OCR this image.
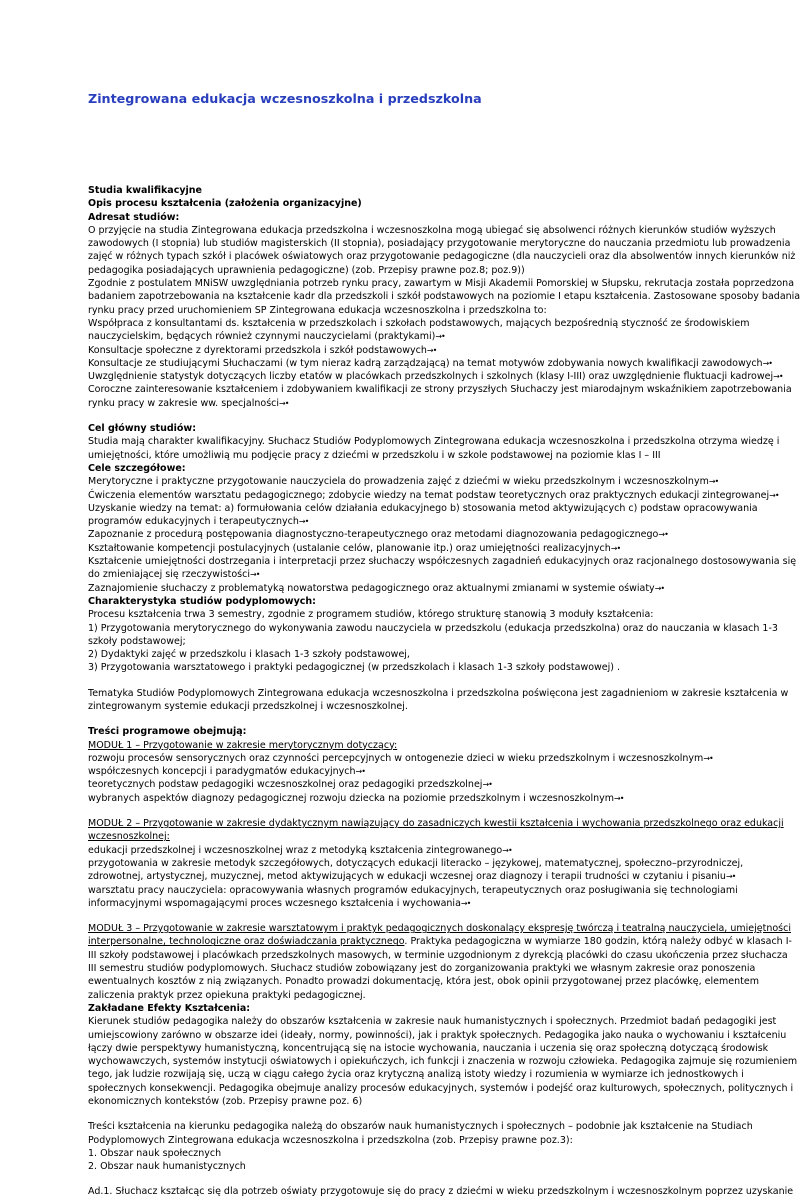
Zintegrowana edukacja wczesnoszkolna i przedszkolna
Studia kwalifikacyjne
Opis procesu kształcenia (założenia organizacyjne)
Adresat studiów:
O przyjęcie na studia Zintegrowana edukacja przedszkolna i wczesnoszkolna mogą ubiegać się absolwenci różnych kierunków studiów wyższych
zawodowych (I stopnia) lub studiów magisterskich (II stopnia), posiadający przygotowanie merytoryczne do nauczania przedmiotu lub prowadzenia
zajęć w różnych typach szkół i placówek oświatowych oraz przygotowanie pedagogiczne (dla nauczycieli oraz dla absolwentów innych kierunków niż
pedagogika posiadających uprawnienia pedagogiczne) (zob. Przepisy prawne poz.8; poz.9))
Zgodnie z postulatem MNiSW uwzględniania potrzeb rynku pracy, zawartym w Misji Akademii Pomorskiej w Słupsku, rekrutacja została poprzedzona
badaniem zapotrzebowania na kształcenie kadr dla przedszkoli i szkół podstawowych na poziomie I etapu kształcenia. Zastosowane sposoby badania
rynku pracy przed uruchomieniem SP Zintegrowana edukacja wczesnoszkolna i przedszkolna to:
Współpraca z konsultantami ds. kształcenia w przedszkolach i szkołach podstawowych, mających bezpośrednią styczność ze środowiskiem
nauczycielskim, będących również czynnymi nauczycielami (praktykami)→•
Konsultacje społeczne z dyrektorami przedszkola i szkół podstawowych→•
Konsultacje ze studiującymi Słuchaczami (w tym nieraz kadrą zarządzającą) na temat motywów zdobywania nowych kwalifikacji zawodowych→•
Uwzględnienie statystyk dotyczących liczby etatów w placówkach przedszkolnych i szkolnych (klasy I-III) oraz uwzględnienie fluktuacji kadrowej→•
Coroczne zainteresowanie kształceniem i zdobywaniem kwalifikacji ze strony przyszłych Słuchaczy jest miarodajnym wskaźnikiem zapotrzebowania
rynku pracy w zakresie ww. specjalności→•
Cel główny studiów:
Studia mają charakter kwalifikacyjny. Słuchacz Studiów Podyplomowych Zintegrowana edukacja wczesnoszkolna i przedszkolna otrzyma wiedzę i
umiejętności, które umożliwią mu podjęcie pracy z dziećmi w przedszkolu i w szkole podstawowej na poziomie klas I – III
Cele szczegółowe:
Merytoryczne i praktyczne przygotowanie nauczyciela do prowadzenia zajęć z dziećmi w wieku przedszkolnym i wczesnoszkolnym→•
Ćwiczenia elementów warsztatu pedagogicznego; zdobycie wiedzy na temat podstaw teoretycznych oraz praktycznych edukacji zintegrowanej→•
Uzyskanie wiedzy na temat: a) formułowania celów działania edukacyjnego b) stosowania metod aktywizujących c) podstaw opracowywania
programów edukacyjnych i terapeutycznych→•
Zapoznanie z procedurą postępowania diagnostyczno-terapeutycznego oraz metodami diagnozowania pedagogicznego→•
Kształtowanie kompetencji postulacyjnych (ustalanie celów, planowanie itp.) oraz umiejętności realizacyjnych→•
Kształcenie umiejętności dostrzegania i interpretacji przez słuchaczy współczesnych zagadnień edukacyjnych oraz racjonalnego dostosowywania się
do zmieniającej się rzeczywistości→•
Zaznajomienie słuchaczy z problematyką nowatorstwa pedagogicznego oraz aktualnymi zmianami w systemie oświaty→•
Charakterystyka studiów podyplomowych:
Procesu kształcenia trwa 3 semestry, zgodnie z programem studiów, którego strukturę stanowią 3 moduły kształcenia:
1) Przygotowania merytorycznego do wykonywania zawodu nauczyciela w przedszkolu (edukacja przedszkolna) oraz do nauczania w klasach 1-3
szkoły podstawowej;
2) Dydaktyki zajęć w przedszkolu i klasach 1-3 szkoły podstawowej,
3) Przygotowania warsztatowego i praktyki pedagogicznej (w przedszkolach i klasach 1-3 szkoły podstawowej) .
Tematyka Studiów Podyplomowych Zintegrowana edukacja wczesnoszkolna i przedszkolna poświęcona jest zagadnieniom w zakresie kształcenia w
zintegrowanym systemie edukacji przedszkolnej i wczesnoszkolnej.
Treści programowe obejmują:
MODUŁ 1 – Przygotowanie w zakresie merytorycznym dotyczący:
rozwoju procesów sensorycznych oraz czynności percepcyjnych w ontogenezie dzieci w wieku przedszkolnym i wczesnoszkolnym→•
współczesnych koncepcji i paradygmatów edukacyjnych→•
teoretycznych podstaw pedagogiki wczesnoszkolnej oraz pedagogiki przedszkolnej→•
wybranych aspektów diagnozy pedagogicznej rozwoju dziecka na poziomie przedszkolnym i wczesnoszkolnym→•
MODUŁ 2 – Przygotowanie w zakresie dydaktycznym nawiązujący do zasadniczych kwestii kształcenia i wychowania przedszkolnego oraz edukacji
wczesnoszkolnej:
edukacji przedszkolnej i wczesnoszkolnej wraz z metodyką kształcenia zintegrowanego→•
przygotowania w zakresie metodyk szczegółowych, dotyczących edukacji literacko – językowej, matematycznej, społeczno–przyrodniczej,
zdrowotnej, artystycznej, muzycznej, metod aktywizujących w edukacji wczesnej oraz diagnozy i terapii trudności w czytaniu i pisaniu→•
warsztatu pracy nauczyciela: opracowywania własnych programów edukacyjnych, terapeutycznych oraz posługiwania się technologiami
informacyjnymi wspomagającymi proces wczesnego kształcenia i wychowania→•
MODUŁ 3 – Przygotowanie w zakresie warsztatowym i praktyk pedagogicznych doskonalący ekspresję twórczą i teatralną nauczyciela, umiejętności
interpersonalne, technologiczne oraz doświadczania praktycznego. Praktyka pedagogiczna w wymiarze 180 godzin, którą należy odbyć w klasach I-
III szkoły podstawowej i placówkach przedszkolnych masowych, w terminie uzgodnionym z dyrekcją placówki do czasu ukończenia przez słuchacza
III semestru studiów podyplomowych. Słuchacz studiów zobowiązany jest do zorganizowania praktyki we własnym zakresie oraz ponoszenia
ewentualnych kosztów z nią związanych. Ponadto prowadzi dokumentację, która jest, obok opinii przygotowanej przez placówkę, elementem
zaliczenia praktyk przez opiekuna praktyki pedagogicznej.
Zakładane Efekty Kształcenia:
Kierunek studiów pedagogika należy do obszarów kształcenia w zakresie nauk humanistycznych i społecznych. Przedmiot badań pedagogiki jest
umiejscowiony zarówno w obszarze idei (ideały, normy, powinności), jak i praktyk społecznych. Pedagogika jako nauka o wychowaniu i kształceniu
łączy dwie perspektywy humanistyczną, koncentrującą się na istocie wychowania, nauczania i uczenia się oraz społeczną dotyczącą środowisk
wychowawczych, systemów instytucji oświatowych i opiekuńczych, ich funkcji i znaczenia w rozwoju człowieka. Pedagogika zajmuje się rozumieniem
tego, jak ludzie rozwijają się, uczą w ciągu całego życia oraz krytyczną analizą istoty wiedzy i rozumienia w wymiarze ich jednostkowych i
społecznych konsekwencji. Pedagogika obejmuje analizy procesów edukacyjnych, systemów i podejść oraz kulturowych, społecznych, politycznych i
ekonomicznych kontekstów (zob. Przepisy prawne poz. 6)
Treści kształcenia na kierunku pedagogika należą do obszarów nauk humanistycznych i społecznych – podobnie jak kształcenie na Studiach
Podyplomowych Zintegrowana edukacja wczesnoszkolna i przedszkolna (zob. Przepisy prawne poz.3):
1. Obszar nauk społecznych
2. Obszar nauk humanistycznych
Ad.1. Słuchacz kształcąc się dla potrzeb oświaty przygotowuje się do pracy z dziećmi w wieku przedszkolnym i wczesnoszkolnym poprzez uzyskanie
